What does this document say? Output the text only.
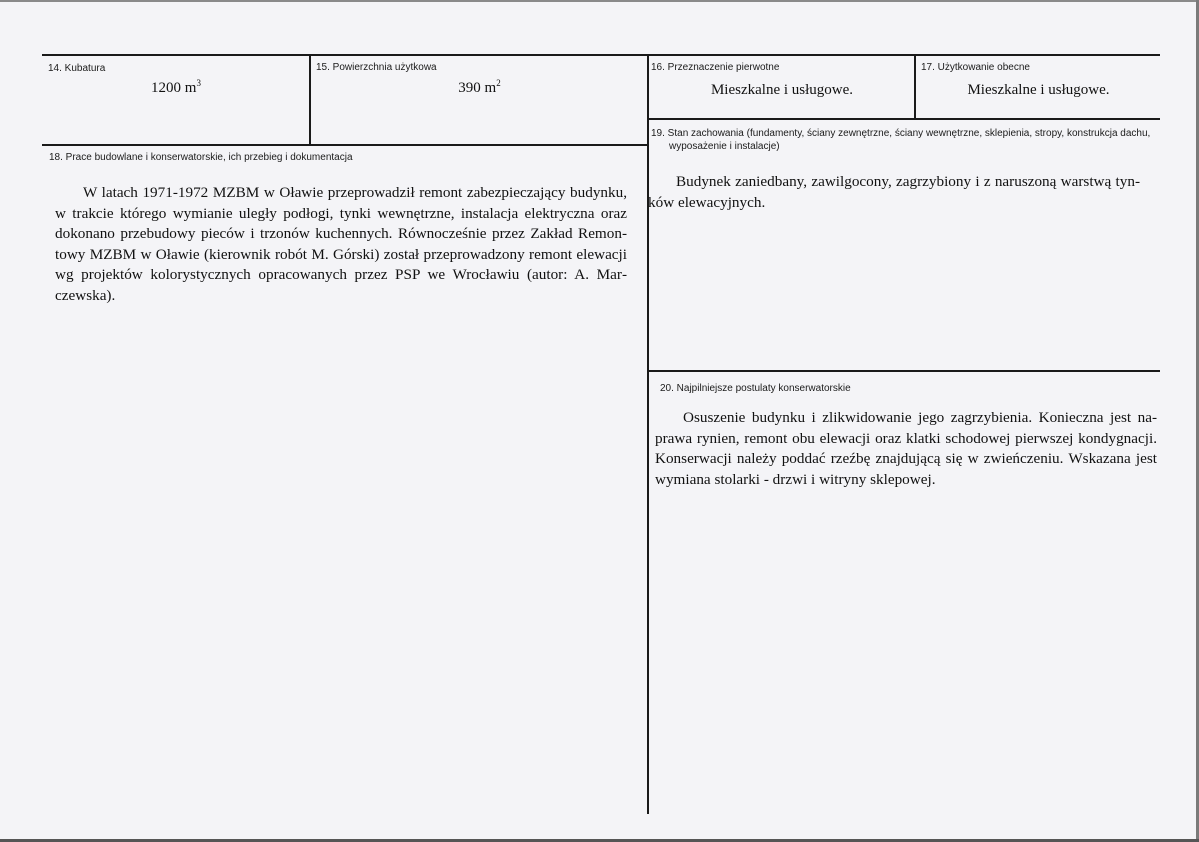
14. Kubatura
1200 $m^3$
15. Powierzchnia użytkowa
390 $m^2$
16. Przeznaczenie pierwotne
Mieszkalne i usługowe.
17. Użytkowanie obecne
Mieszkalne i usługowe.
18. Prace budowlane i konserwatorskie, ich przebieg i dokumentacja
W latach 1971-1972 MZBM w Oławie przeprowadził remont zabezpieczający budynku, w trakcie którego wymianie uległy podłogi, tynki wewnętrzne, instalacja elektryczna oraz dokonano przebudowy pieców i trzonów kuchennych. Równocześnie przez Zakład Remontowy MZBM w Oławie (kierownik robót M. Górski) został przeprowadzony remont elewacji wg projektów kolorystycznych opracowanych przez PSP we Wrocławiu (autor: A. Marczewska).
19. Stan zachowania (fundamenty, ściany zewnętrzne, ściany wewnętrzne, sklepienia, stropy, konstrukcja dachu, wyposażenie i instalacje)
Budynek zaniedbany, zawilgocony, zagrzybiony i z naruszoną warstwą tynków elewacyjnych.
20. Najpilniejsze postulaty konserwatorskie
Osuszenie budynku i zlikwidowanie jego zagrzybienia. Konieczna jest naprawa rynien, remont obu elewacji oraz klatki schodowej pierwszej kondygnacji. Konserwacji należy poddać rzeźbę znajdującą się w zwieńczeniu. Wskazana jest wymiana stolarki - drzwi i witryny sklepowej.
